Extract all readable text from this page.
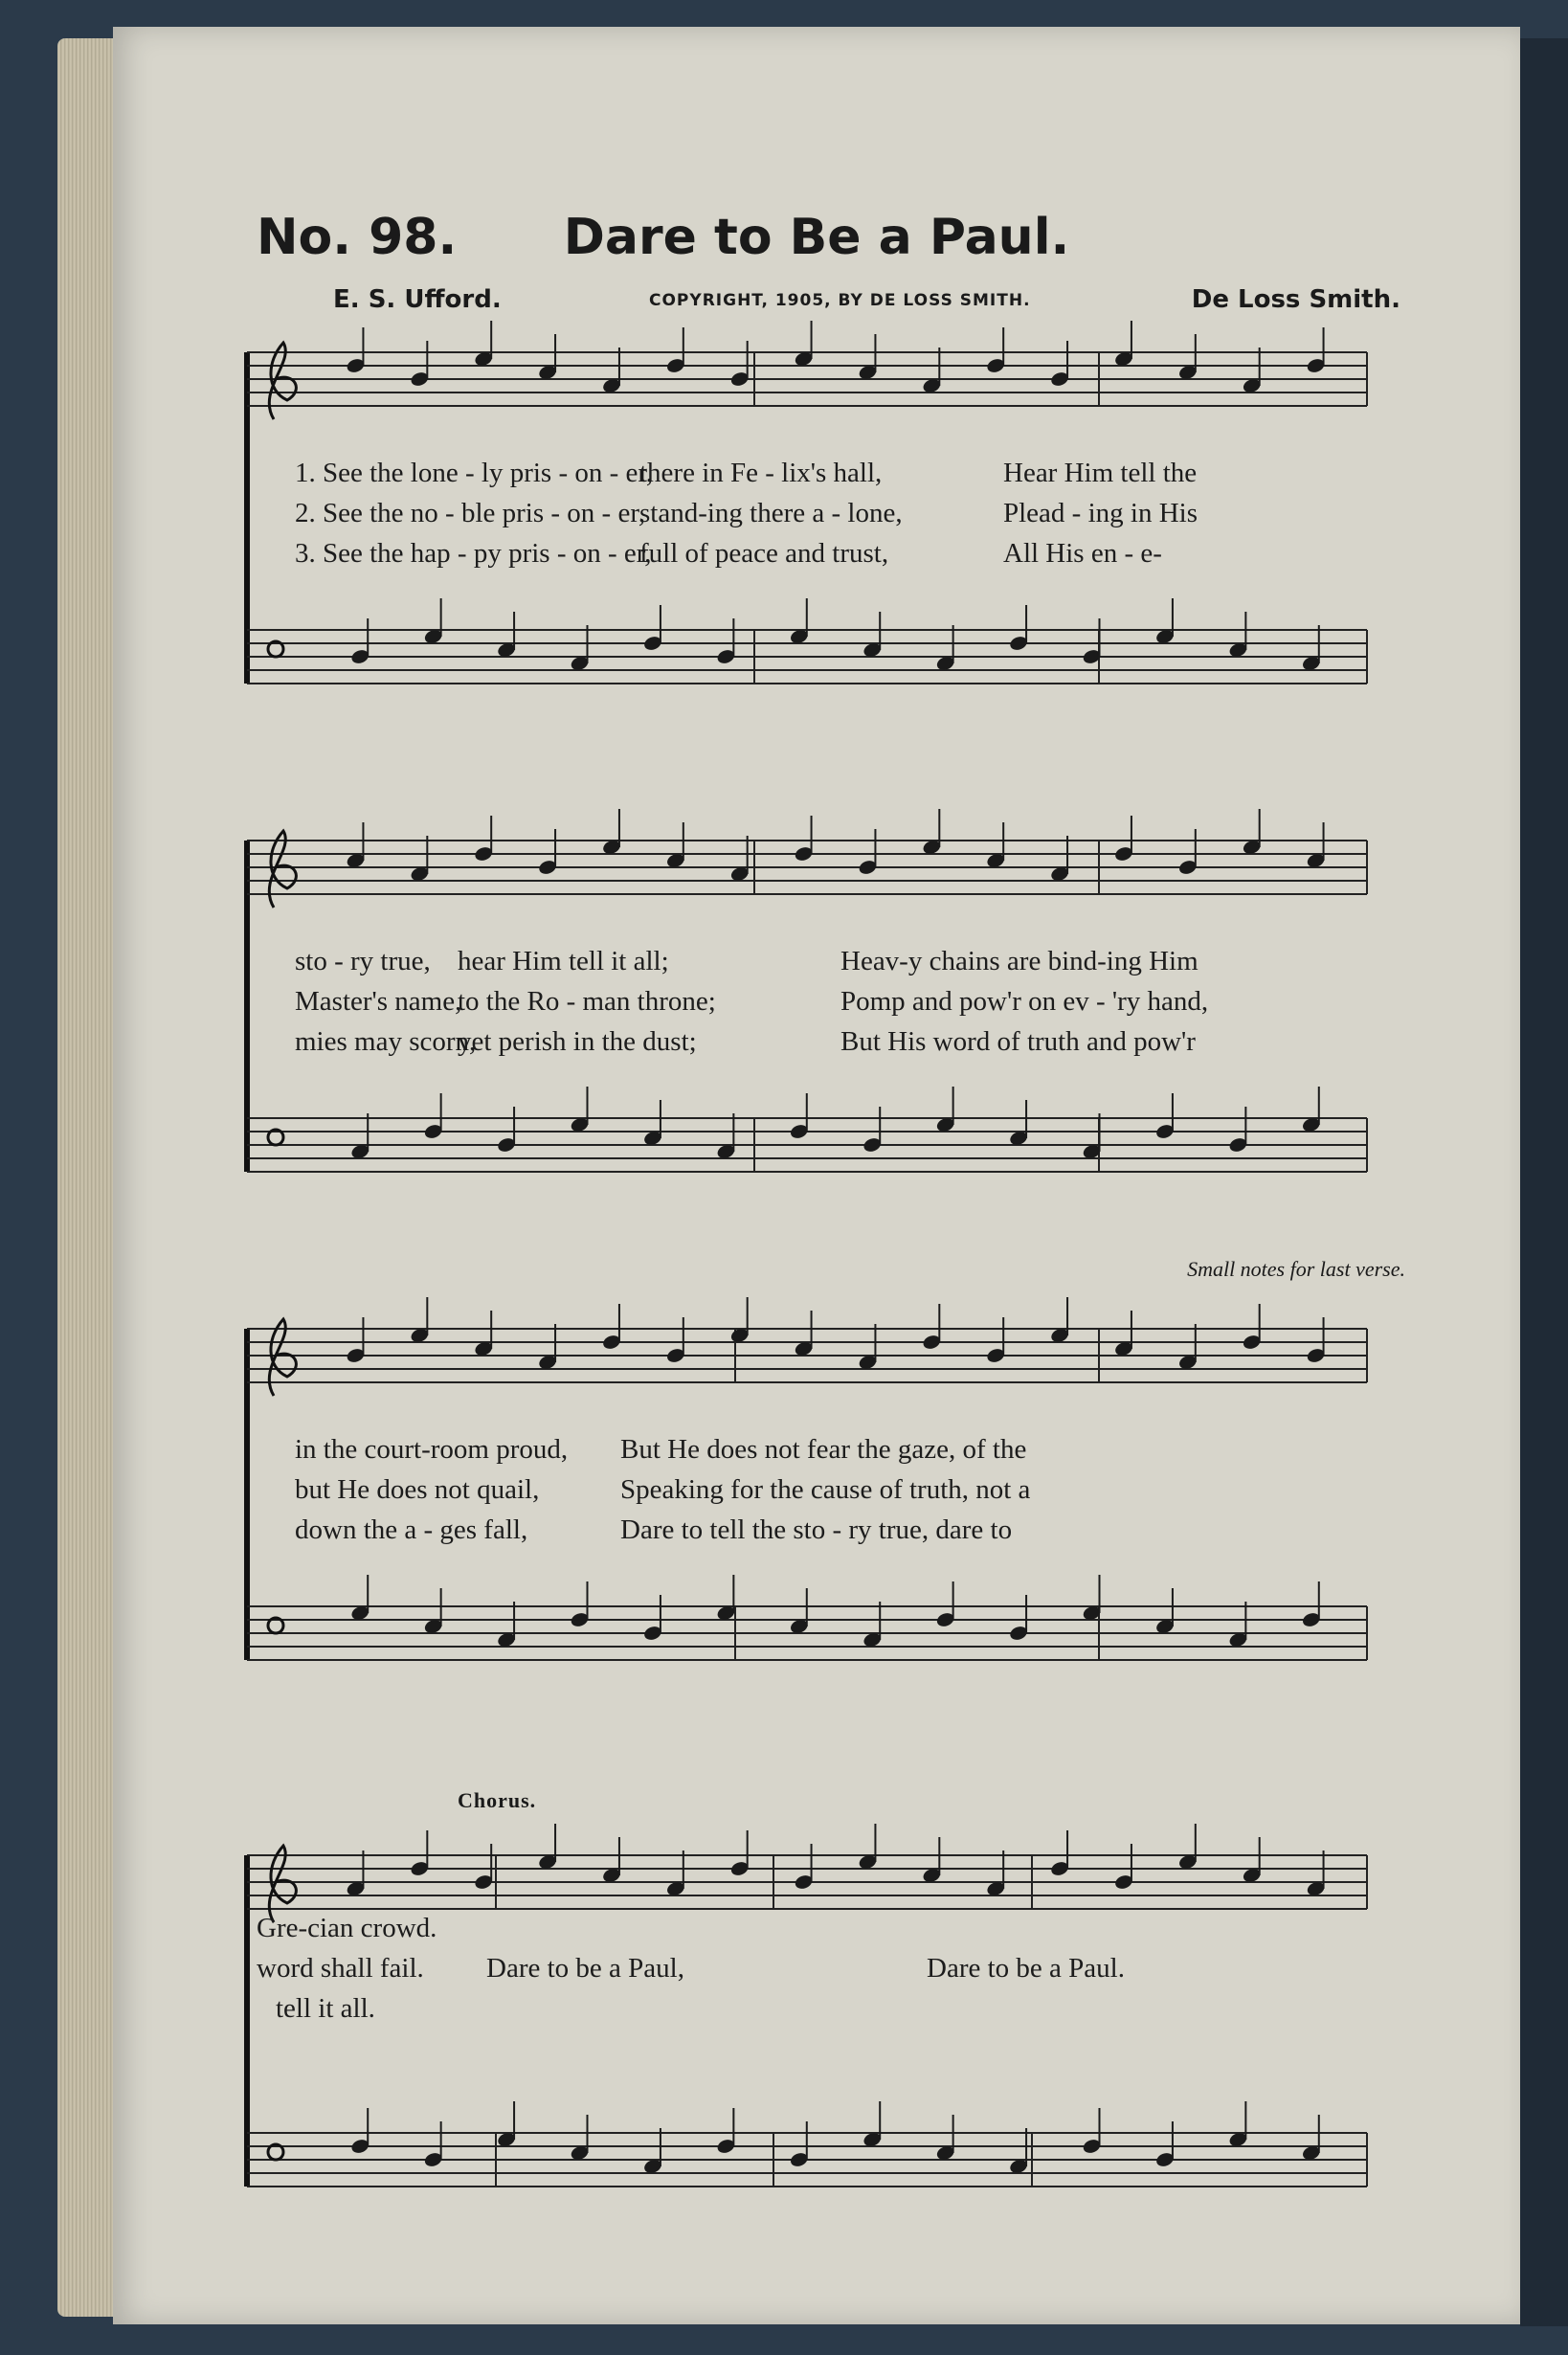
Dare to Be a Paul.
No. 98.
E. S. Ufford.	COPYRIGHT, 1905, BY DE LOSS SMITH.	De Loss Smith.
1. See the lone - ly pris - on - er,
there in Fe - lix's hall,	Hear Him tell the
2. See the no - ble pris - on - er,
stand-ing there a - lone,	Plead - ing in His
3. See the hap - py pris - on - er,
full of peace and trust,	All His en - e-
sto - ry true, hear Him tell it all;	Heav-y chains are bind-ing Him
Master's name,
to the Ro - man throne;	Pomp and pow'r on ev - 'ry hand,
mies may scorn,
yet perish in the dust;	But His word of truth and pow'r
Small notes for last verse.
in the court-room proud, But He does not fear the gaze, of the
but He does not quail,	Speaking for the cause of truth, not a
down the a - ges fall,	Dare to tell the sto - ry true, dare to
Chorus.
Gre-cian crowd.
word shall fail. Dare to be a Paul,	Dare to be a Paul.
tell it all.
